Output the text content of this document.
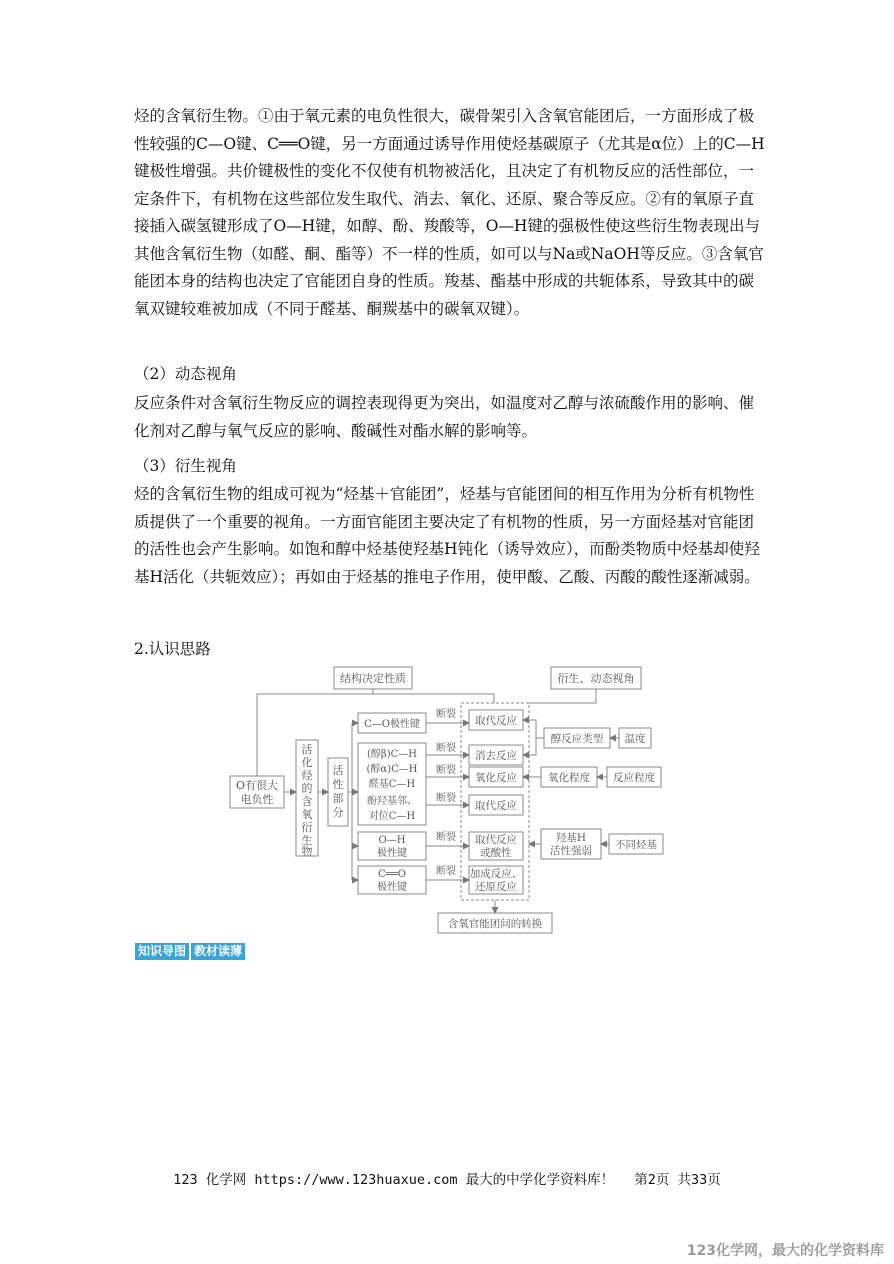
烃的含氧衍生物。①由于氧元素的电负性很大，碳骨架引入含氧官能团后，一方面形成了极性较强的C—O键、C══O键，另一方面通过诱导作用使烃基碳原子（尤其是α位）上的C—H键极性增强。共价键极性的变化不仅使有机物被活化，且决定了有机物反应的活性部位，一定条件下，有机物在这些部位发生取代、消去、氧化、还原、聚合等反应。②有的氧原子直接插入碳氢键形成了O—H键，如醇、酚、羧酸等，O—H键的强极性使这些衍生物表现出与其他含氧衍生物（如醛、酮、酯等）不一样的性质，如可以与Na或NaOH等反应。③含氧官能团本身的结构也决定了官能团自身的性质。羧基、酯基中形成的共轭体系，导致其中的碳氧双键较难被加成（不同于醛基、酮羰基中的碳氧双键）。

（2）动态视角

反应条件对含氧衍生物反应的调控表现得更为突出，如温度对乙醇与浓硫酸作用的影响、催化剂对乙醇与氧气反应的影响、酸碱性对酯水解的影响等。

（3）衍生视角

烃的含氧衍生物的组成可视为“烃基＋官能团”，烃基与官能团间的相互作用为分析有机物性质提供了一个重要的视角。一方面官能团主要决定了有机物的性质，另一方面烃基对官能团的活性也会产生影响。如饱和醇中烃基使羟基H钝化（诱导效应），而酚类物质中烃基却使羟基H活化（共轭效应）；再如由于烃基的推电子作用，使甲酸、乙酸、丙酸的酸性逐渐减弱。

2.认识思路

结构决定性质	衍生、动态视角
O有很大
电负性
活
化
烃
的
含
氧
衍
生
物
活
性
部
分
C—O极性键
(醇β)C—H
(醇α)C—H
醛基C—H
酚羟基邻、
对位C—H
O—H
极性键
C══O
极性键
断裂
断裂
断裂
断裂
断裂
断裂
取代反应
消去反应
氧化反应
取代反应
取代反应
或酸性
加成反应、
还原反应
醇反应类型 温度
氧化程度 反应程度
羟基H
活性强弱 不同烃基
含氧官能团间的转换
知识导图 教材读薄
123 化学网 https://www.123huaxue.com 最大的中学化学资料库！ 第2页 共33页
123化学网，最大的化学资料库
